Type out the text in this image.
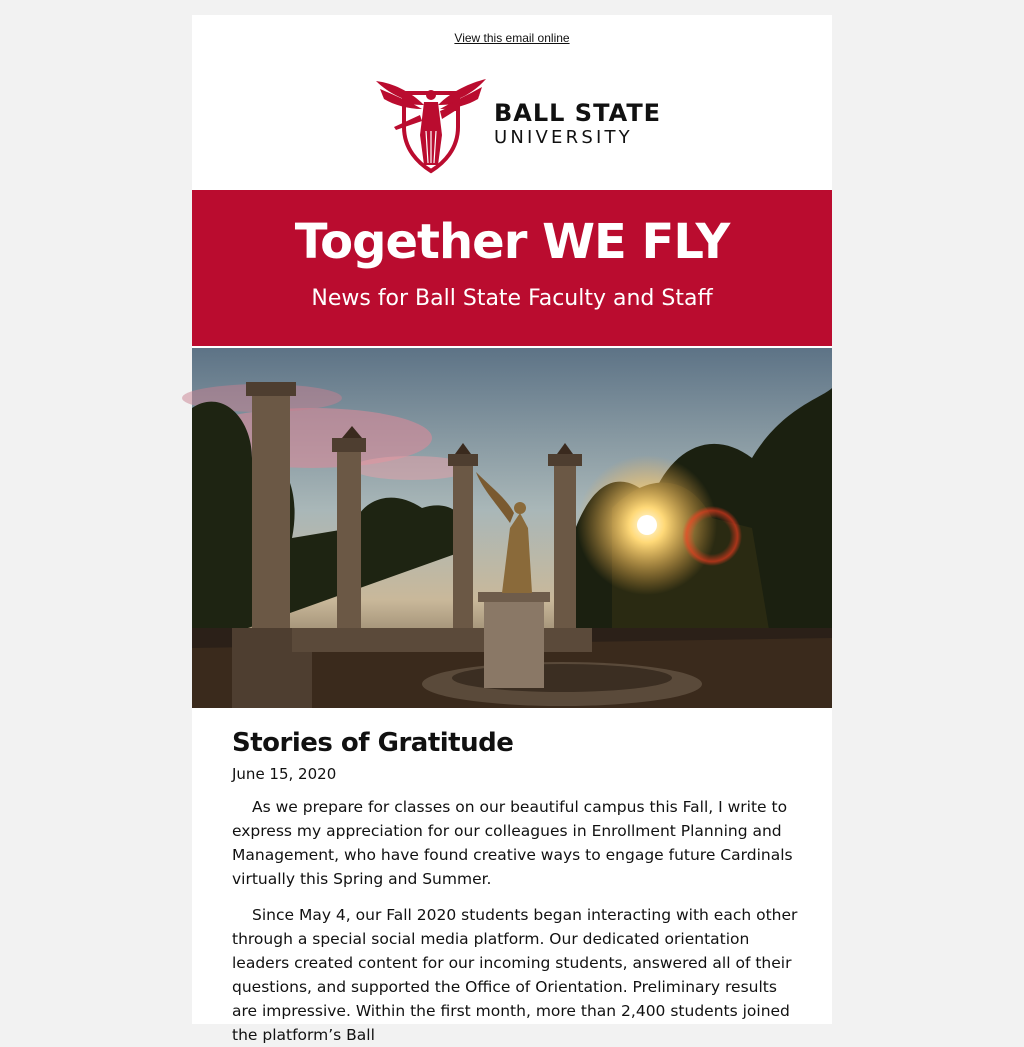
View this email online
BALL STATE
UNIVERSITY
Together WE FLY
News for Ball State Faculty and Staff
Stories of Gratitude
June 15, 2020

As we prepare for classes on our beautiful campus this Fall, I write to express my appreciation for our colleagues in Enrollment Planning and Management, who have found creative ways to engage future Cardinals virtually this Spring and Summer.

Since May 4, our Fall 2020 students began interacting with each other through a special social media platform. Our dedicated orientation leaders created content for our incoming students, answered all of their questions, and supported the Office of Orientation. Preliminary results are impressive. Within the first month, more than 2,400 students joined the platform’s Ball
